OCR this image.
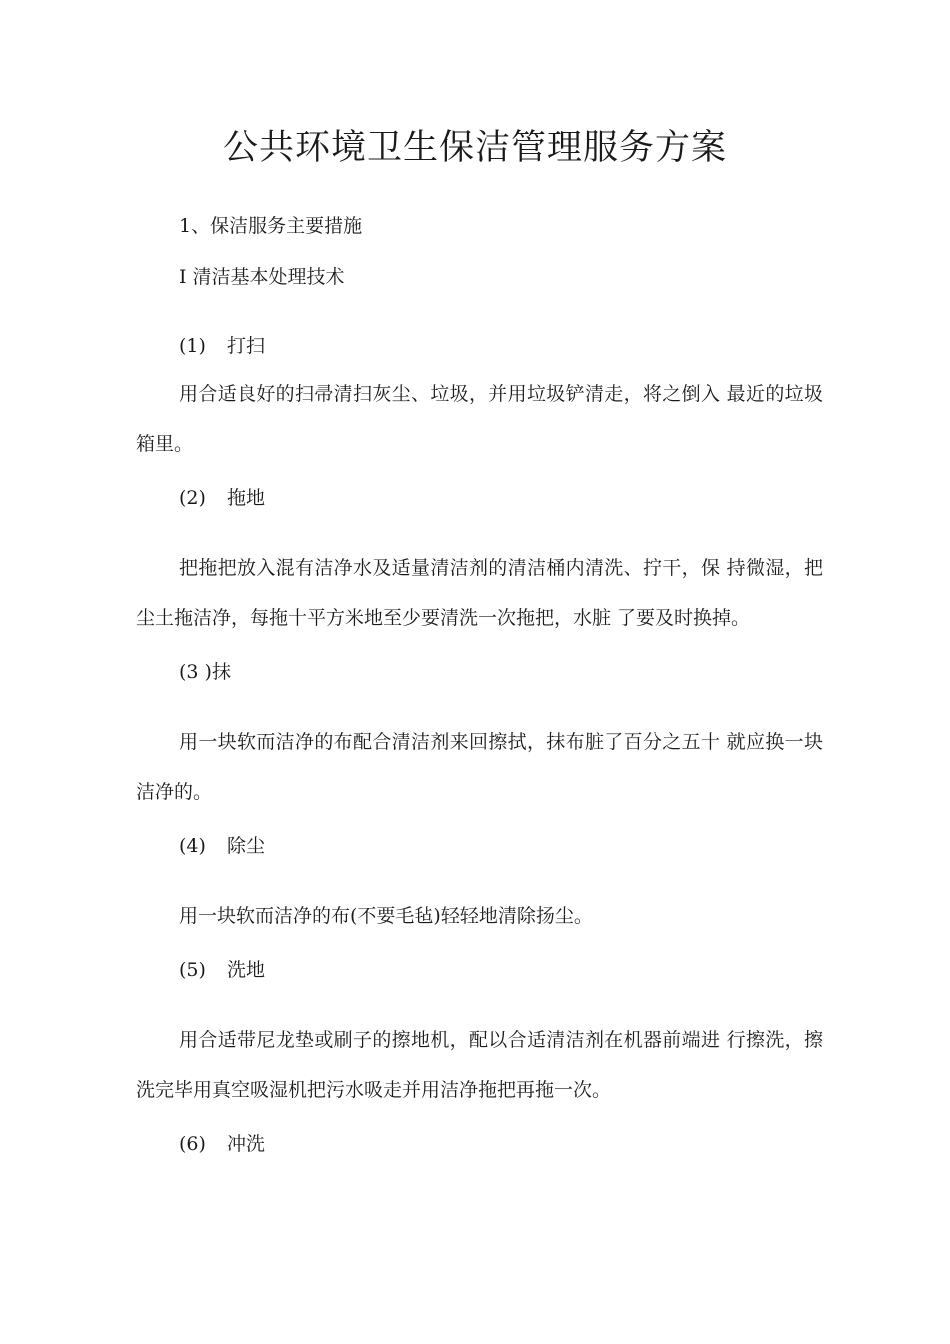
公共环境卫生保洁管理服务方案
1、保洁服务主要措施
I 清洁基本处理技术
(1) 打扫
用合适良好的扫帚清扫灰尘、垃圾，并用垃圾铲清走，将之倒入 最近的垃圾
箱里。
(2) 拖地
把拖把放入混有洁净水及适量清洁剂的清洁桶内清洗、拧干，保 持微湿，把
尘土拖洁净，每拖十平方米地至少要清洗一次拖把，水脏 了要及时换掉。
(3 )抹
用一块软而洁净的布配合清洁剂来回擦拭，抹布脏了百分之五十 就应换一块
洁净的。
(4) 除尘
用一块软而洁净的布(不要毛毡)轻轻地清除扬尘。
(5) 洗地
用合适带尼龙垫或刷子的擦地机，配以合适清洁剂在机器前端进 行擦洗，擦
洗完毕用真空吸湿机把污水吸走并用洁净拖把再拖一次。
(6) 冲洗
